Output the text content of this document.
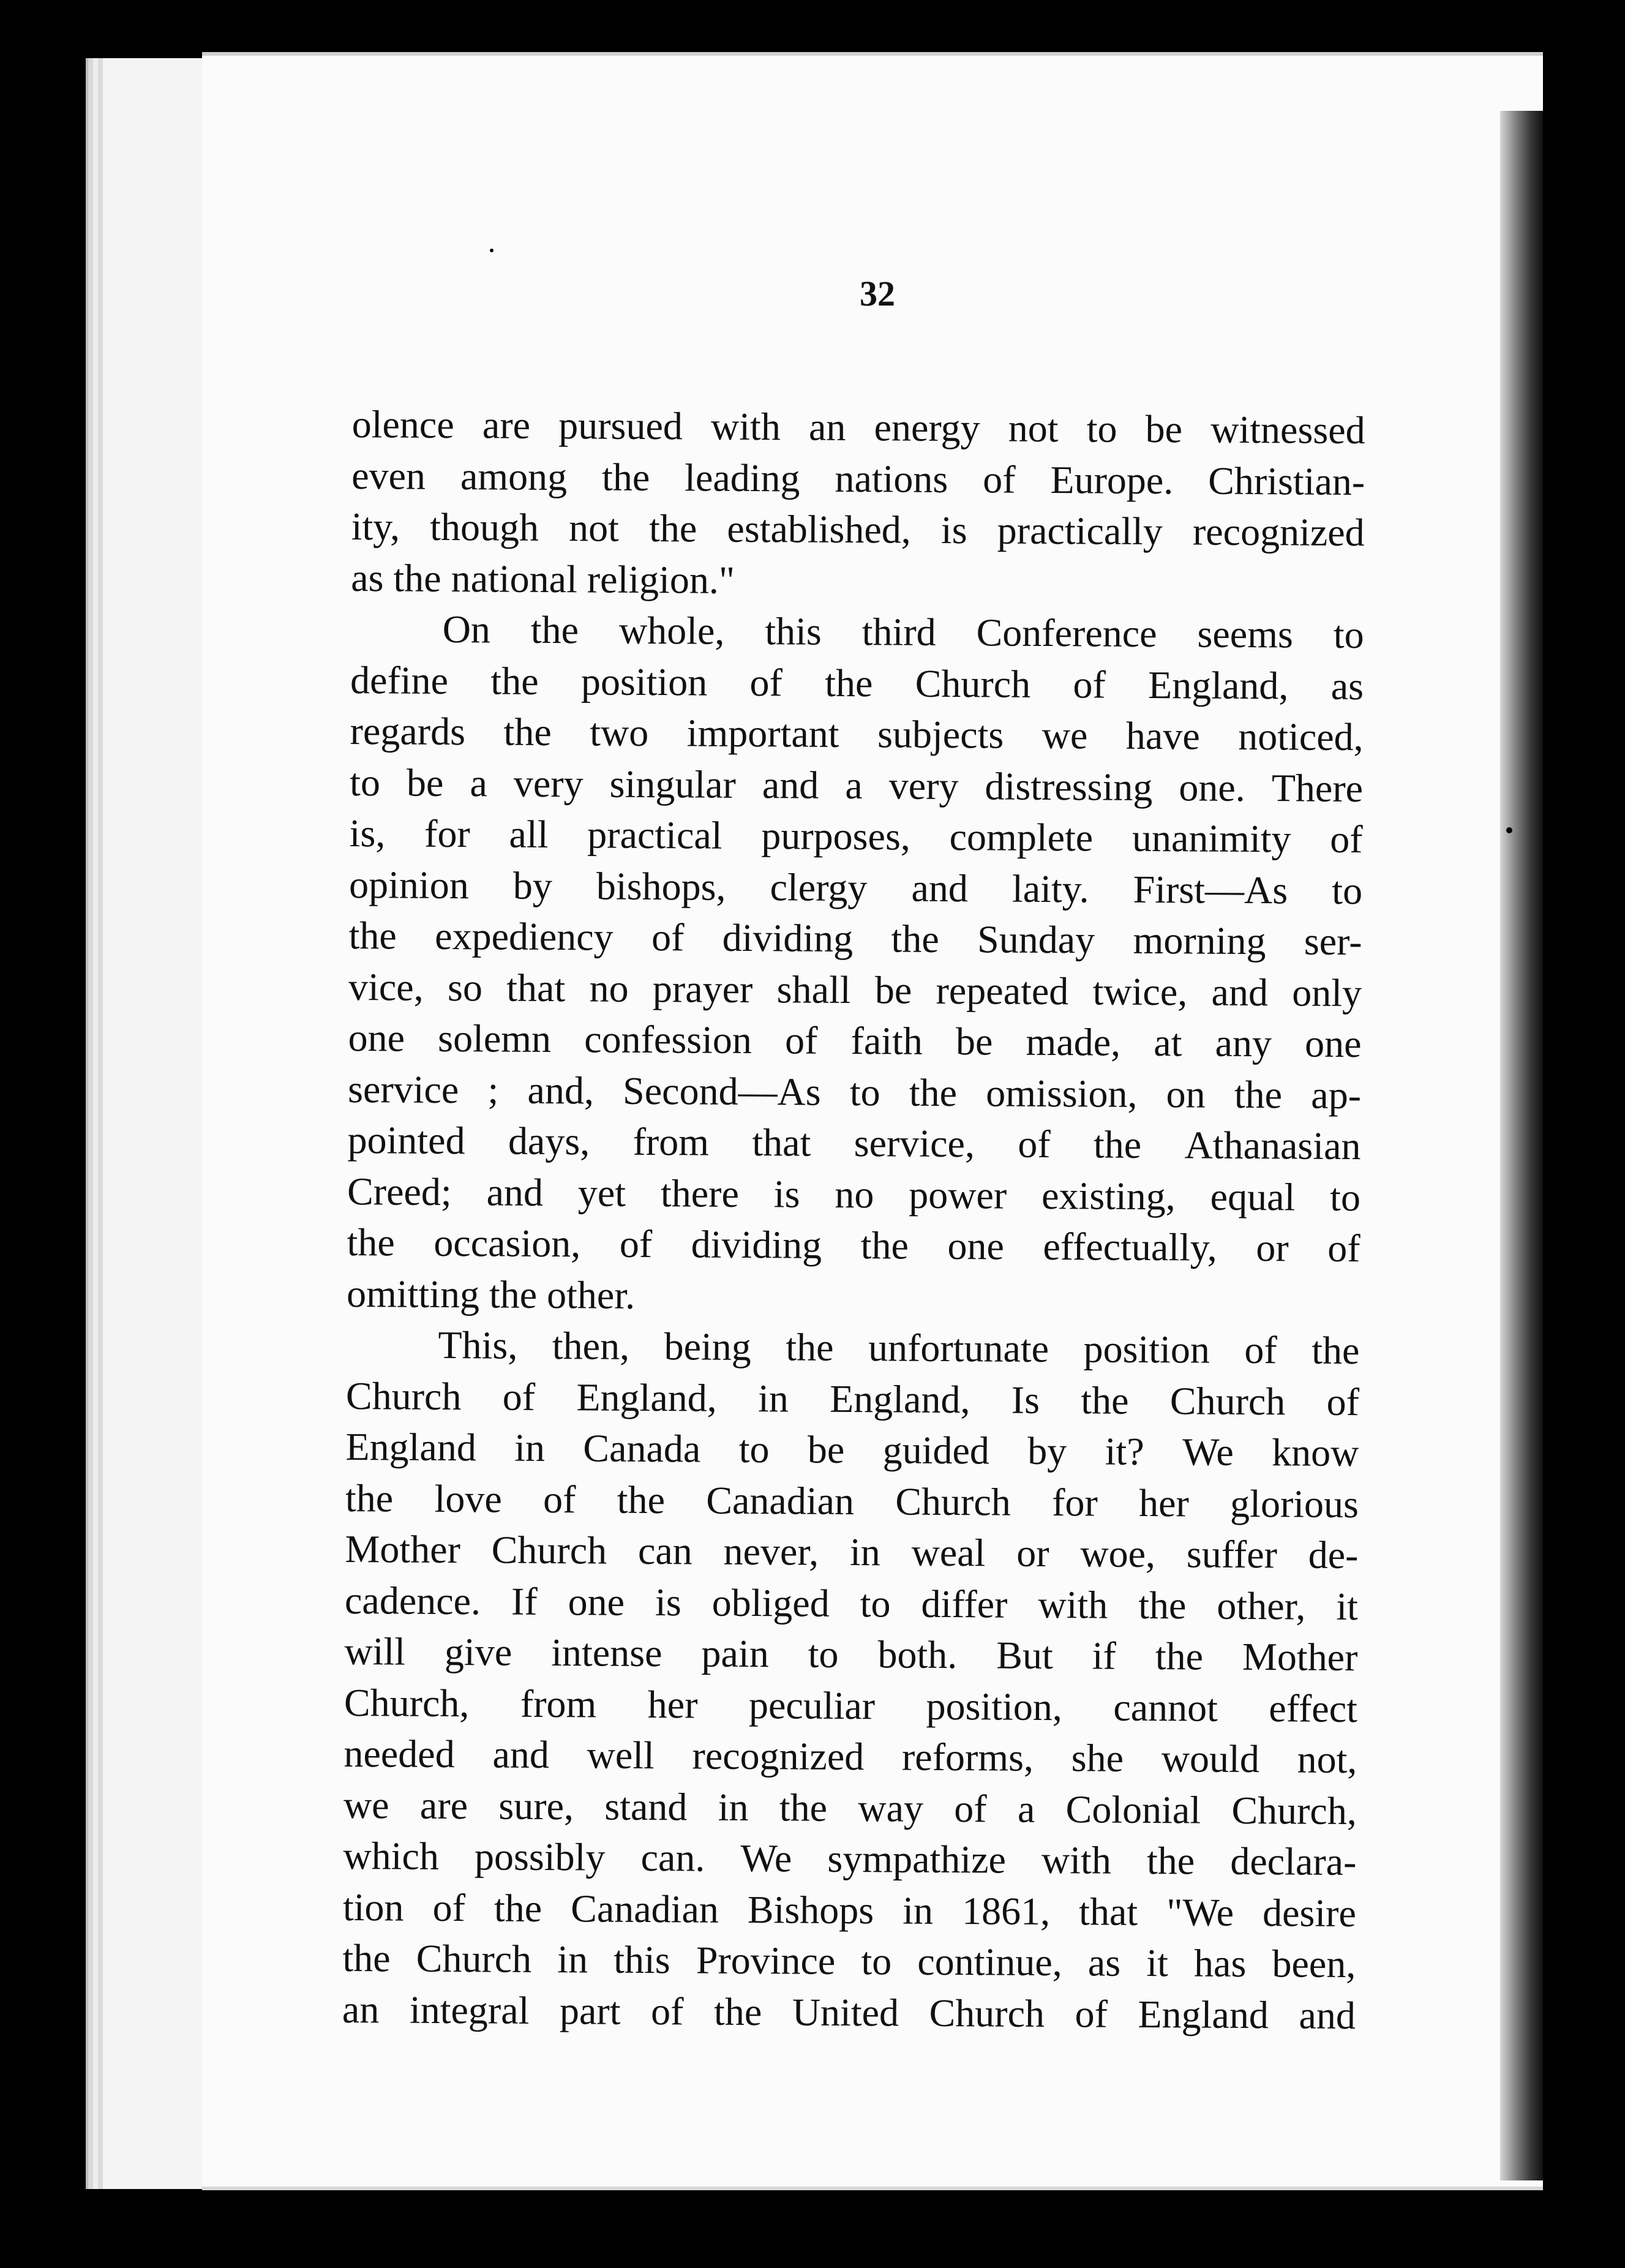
32
olence are pursued with an energy not to be witnessed
even among the leading nations of Europe. Christian-
ity, though not the established, is practically recognized
as the national religion."
On the whole, this third Conference seems to
define the position of the Church of England, as
regards the two important subjects we have noticed,
to be a very singular and a very distressing one. There
is, for all practical purposes, complete unanimity of
opinion by bishops, clergy and laity. First—As to
the expediency of dividing the Sunday morning ser-
vice, so that no prayer shall be repeated twice, and only
one solemn confession of faith be made, at any one
service ; and, Second—As to the omission, on the ap-
pointed days, from that service, of the Athanasian
Creed; and yet there is no power existing, equal to
the occasion, of dividing the one effectually, or of
omitting the other.
This, then, being the unfortunate position of the
Church of England, in England, Is the Church of
England in Canada to be guided by it? We know
the love of the Canadian Church for her glorious
Mother Church can never, in weal or woe, suffer de-
cadence. If one is obliged to differ with the other, it
will give intense pain to both. But if the Mother
Church, from her peculiar position, cannot effect
needed and well recognized reforms, she would not,
we are sure, stand in the way of a Colonial Church,
which possibly can. We sympathize with the declara-
tion of the Canadian Bishops in 1861, that "We desire
the Church in this Province to continue, as it has been,
an integral part of the United Church of England and
